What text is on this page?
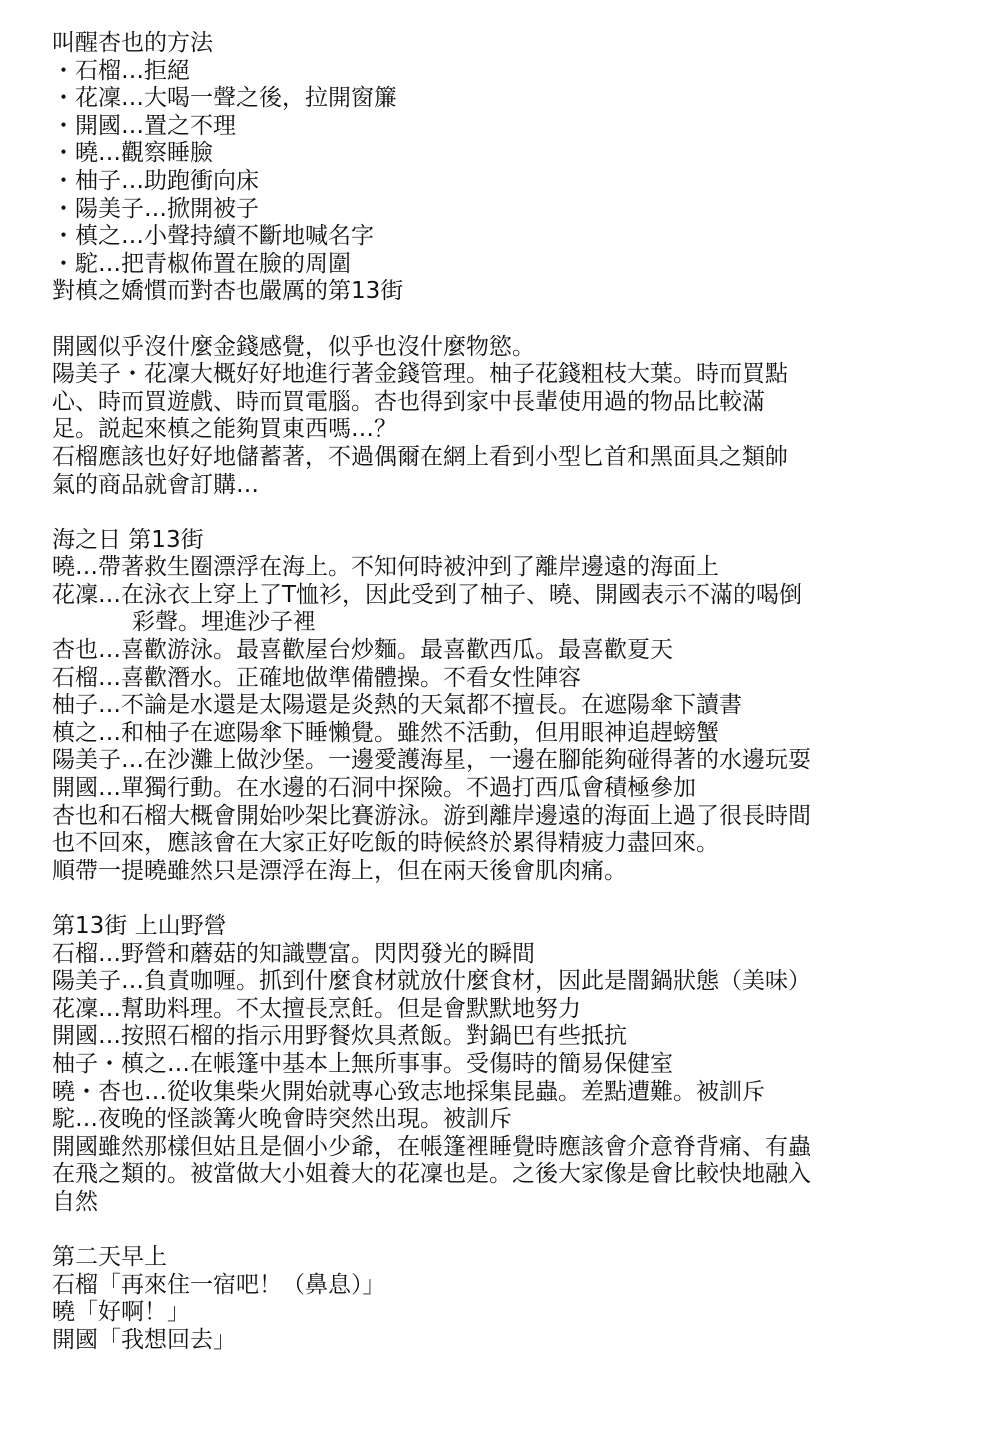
叫醒杏也的方法
・石榴…拒絕
・花凜…大喝一聲之後，拉開窗簾
・開國…置之不理
・曉…觀察睡臉
・柚子…助跑衝向床
・陽美子…掀開被子
・槙之…小聲持續不斷地喊名字
・駝…把青椒佈置在臉的周圍
對槙之嬌慣而對杏也嚴厲的第13街
開國似乎沒什麼金錢感覺，似乎也沒什麼物慾。
陽美子・花凜大概好好地進行著金錢管理。柚子花錢粗枝大葉。時而買點
心、時而買遊戲、時而買電腦。杏也得到家中長輩使用過的物品比較滿
足。説起來槙之能夠買東西嗎…？
石榴應該也好好地儲蓄著，不過偶爾在網上看到小型匕首和黑面具之類帥
氣的商品就會訂購…
海之日 第13街
曉…帶著救生圈漂浮在海上。不知何時被沖到了離岸邊遠的海面上
花凜…在泳衣上穿上了T恤衫，因此受到了柚子、曉、開國表示不滿的喝倒
彩聲。埋進沙子裡
杏也…喜歡游泳。最喜歡屋台炒麵。最喜歡西瓜。最喜歡夏天
石榴…喜歡潛水。正確地做準備體操。不看女性陣容
柚子…不論是水還是太陽還是炎熱的天氣都不擅長。在遮陽傘下讀書
槙之…和柚子在遮陽傘下睡懶覺。雖然不活動，但用眼神追趕螃蟹
陽美子…在沙灘上做沙堡。一邊愛護海星，一邊在腳能夠碰得著的水邊玩耍
開國…單獨行動。在水邊的石洞中探險。不過打西瓜會積極參加
杏也和石榴大概會開始吵架比賽游泳。游到離岸邊遠的海面上過了很長時間
也不回來，應該會在大家正好吃飯的時候終於累得精疲力盡回來。
順帶一提曉雖然只是漂浮在海上，但在兩天後會肌肉痛。
第13街 上山野營
石榴…野營和蘑菇的知識豐富。閃閃發光的瞬間
陽美子…負責咖喱。抓到什麼食材就放什麼食材，因此是闇鍋狀態（美味）
花凜…幫助料理。不太擅長烹飪。但是會默默地努力
開國…按照石榴的指示用野餐炊具煮飯。對鍋巴有些抵抗
柚子・槙之…在帳篷中基本上無所事事。受傷時的簡易保健室
曉・杏也…從收集柴火開始就專心致志地採集昆蟲。差點遭難。被訓斥
駝…夜晚的怪談篝火晚會時突然出現。被訓斥
開國雖然那樣但姑且是個小少爺，在帳篷裡睡覺時應該會介意脊背痛、有蟲
在飛之類的。被當做大小姐養大的花凜也是。之後大家像是會比較快地融入
自然
第二天早上
石榴「再來住一宿吧！（鼻息）」
曉「好啊！」
開國「我想回去」
